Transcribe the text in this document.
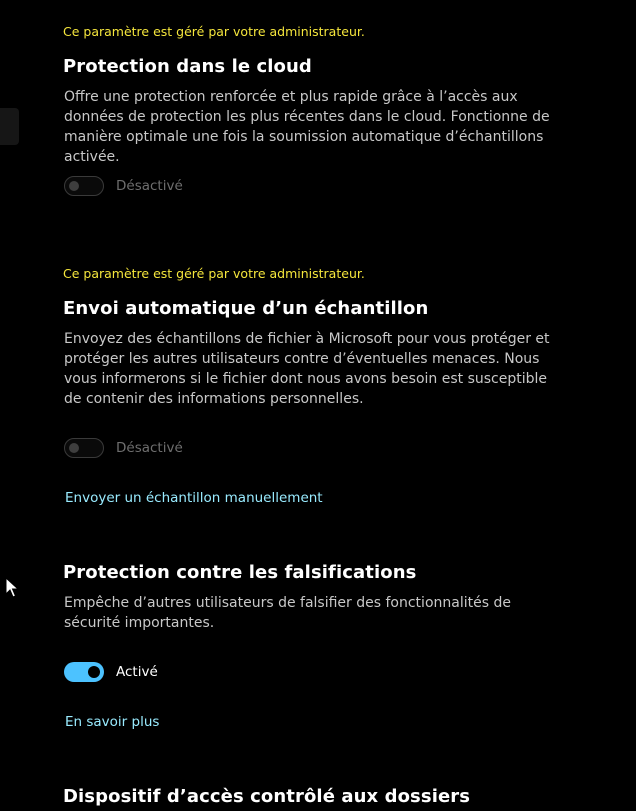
Ce paramètre est géré par votre administrateur.
Protection dans le cloud
Offre une protection renforcée et plus rapide grâce à l’accès aux données de protection les plus récentes dans le cloud. Fonctionne de manière optimale une fois la soumission automatique d’échantillons activée.
Désactivé
Ce paramètre est géré par votre administrateur.
Envoi automatique d’un échantillon
Envoyez des échantillons de fichier à Microsoft pour vous protéger et protéger les autres utilisateurs contre d’éventuelles menaces. Nous vous informerons si le fichier dont nous avons besoin est susceptible de contenir des informations personnelles.
Désactivé
Envoyer un échantillon manuellement
Protection contre les falsifications
Empêche d’autres utilisateurs de falsifier des fonctionnalités de sécurité importantes.
Activé
En savoir plus
Dispositif d’accès contrôlé aux dossiers
